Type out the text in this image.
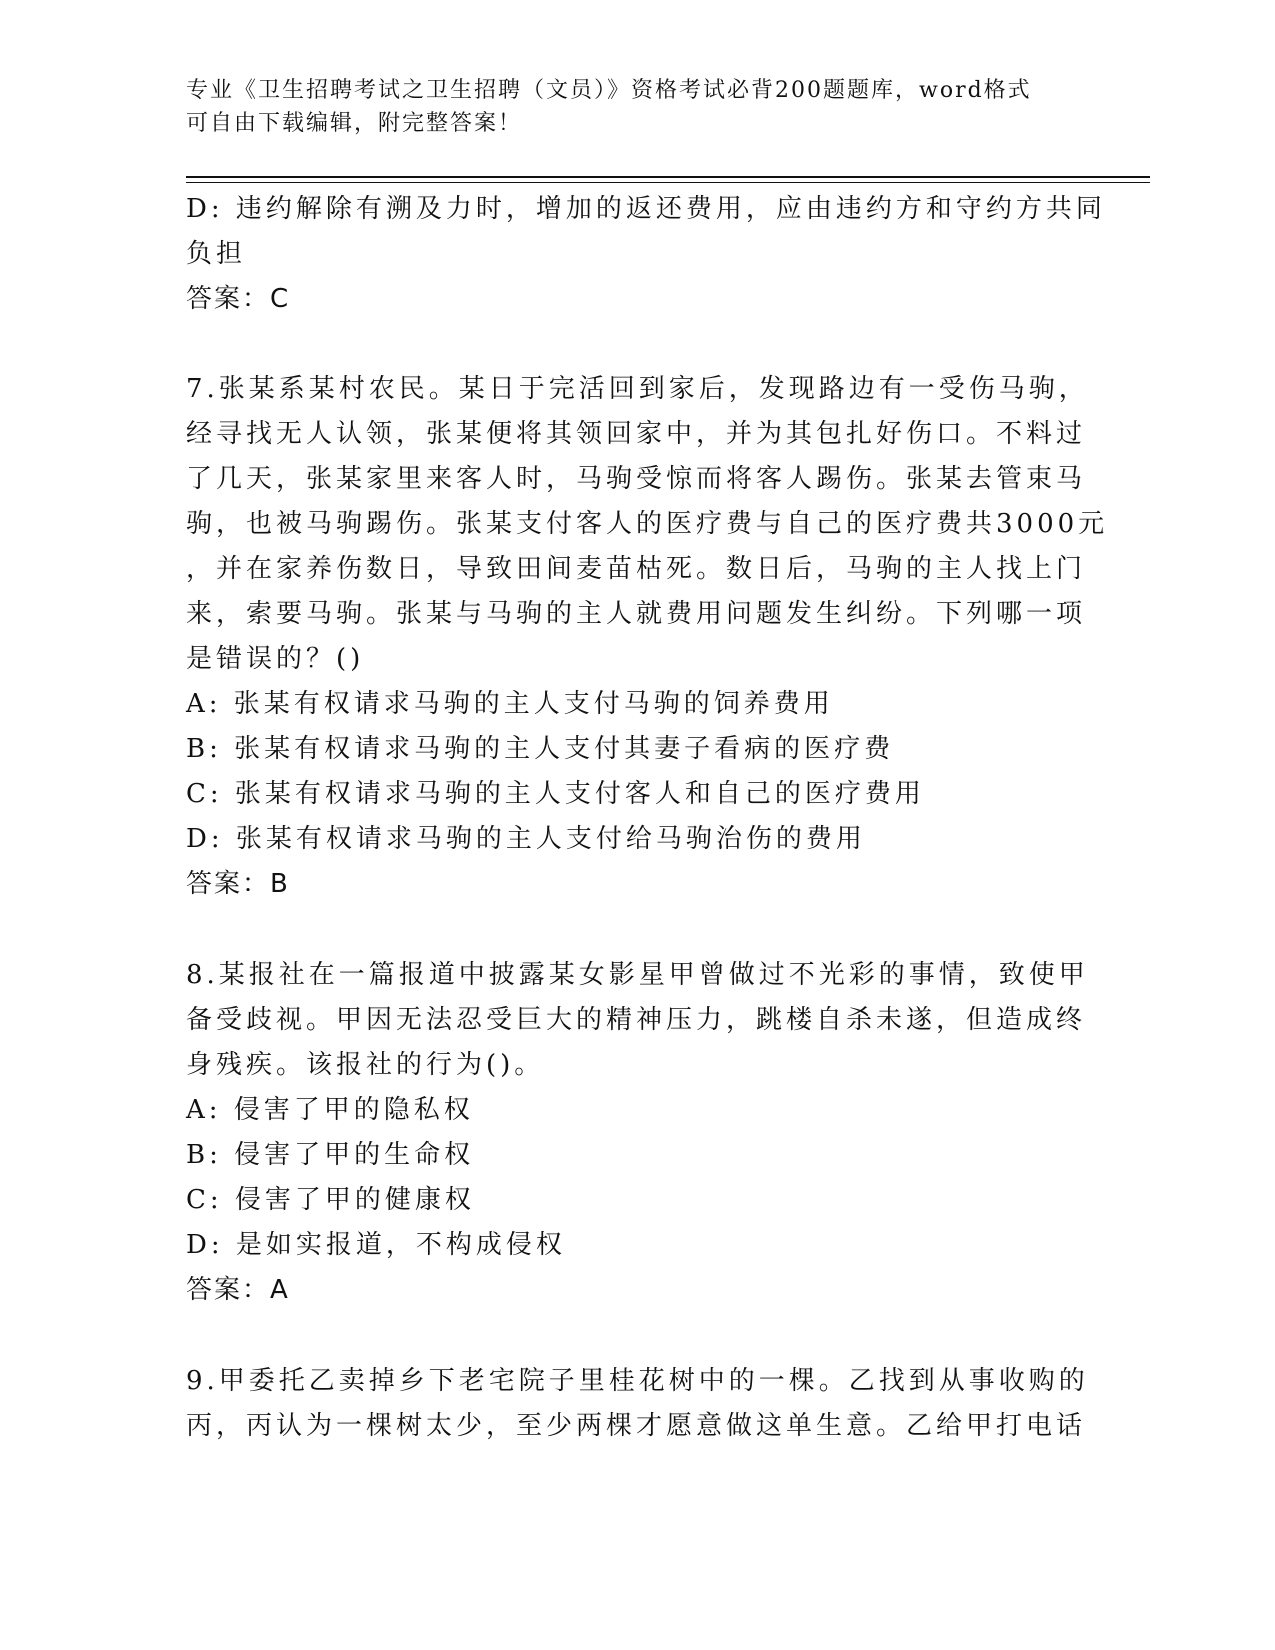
专业《卫生招聘考试之卫生招聘（文员）》资格考试必背200题题库，word格式
可自由下载编辑，附完整答案！
D: 违约解除有溯及力时，增加的返还费用，应由违约方和守约方共同
负担
答案：C
7.张某系某村农民。某日于完活回到家后，发现路边有一受伤马驹，
经寻找无人认领，张某便将其领回家中，并为其包扎好伤口。不料过
了几天，张某家里来客人时，马驹受惊而将客人踢伤。张某去管束马
驹，也被马驹踢伤。张某支付客人的医疗费与自己的医疗费共3000元
，并在家养伤数日，导致田间麦苗枯死。数日后，马驹的主人找上门
来，索要马驹。张某与马驹的主人就费用问题发生纠纷。下列哪一项
是错误的？()
A: 张某有权请求马驹的主人支付马驹的饲养费用
B: 张某有权请求马驹的主人支付其妻子看病的医疗费
C: 张某有权请求马驹的主人支付客人和自己的医疗费用
D: 张某有权请求马驹的主人支付给马驹治伤的费用
答案：B
8.某报社在一篇报道中披露某女影星甲曾做过不光彩的事情，致使甲
备受歧视。甲因无法忍受巨大的精神压力，跳楼自杀未遂，但造成终
身残疾。该报社的行为()。
A: 侵害了甲的隐私权
B: 侵害了甲的生命权
C: 侵害了甲的健康权
D: 是如实报道，不构成侵权
答案：A
9.甲委托乙卖掉乡下老宅院子里桂花树中的一棵。乙找到从事收购的
丙，丙认为一棵树太少，至少两棵才愿意做这单生意。乙给甲打电话
